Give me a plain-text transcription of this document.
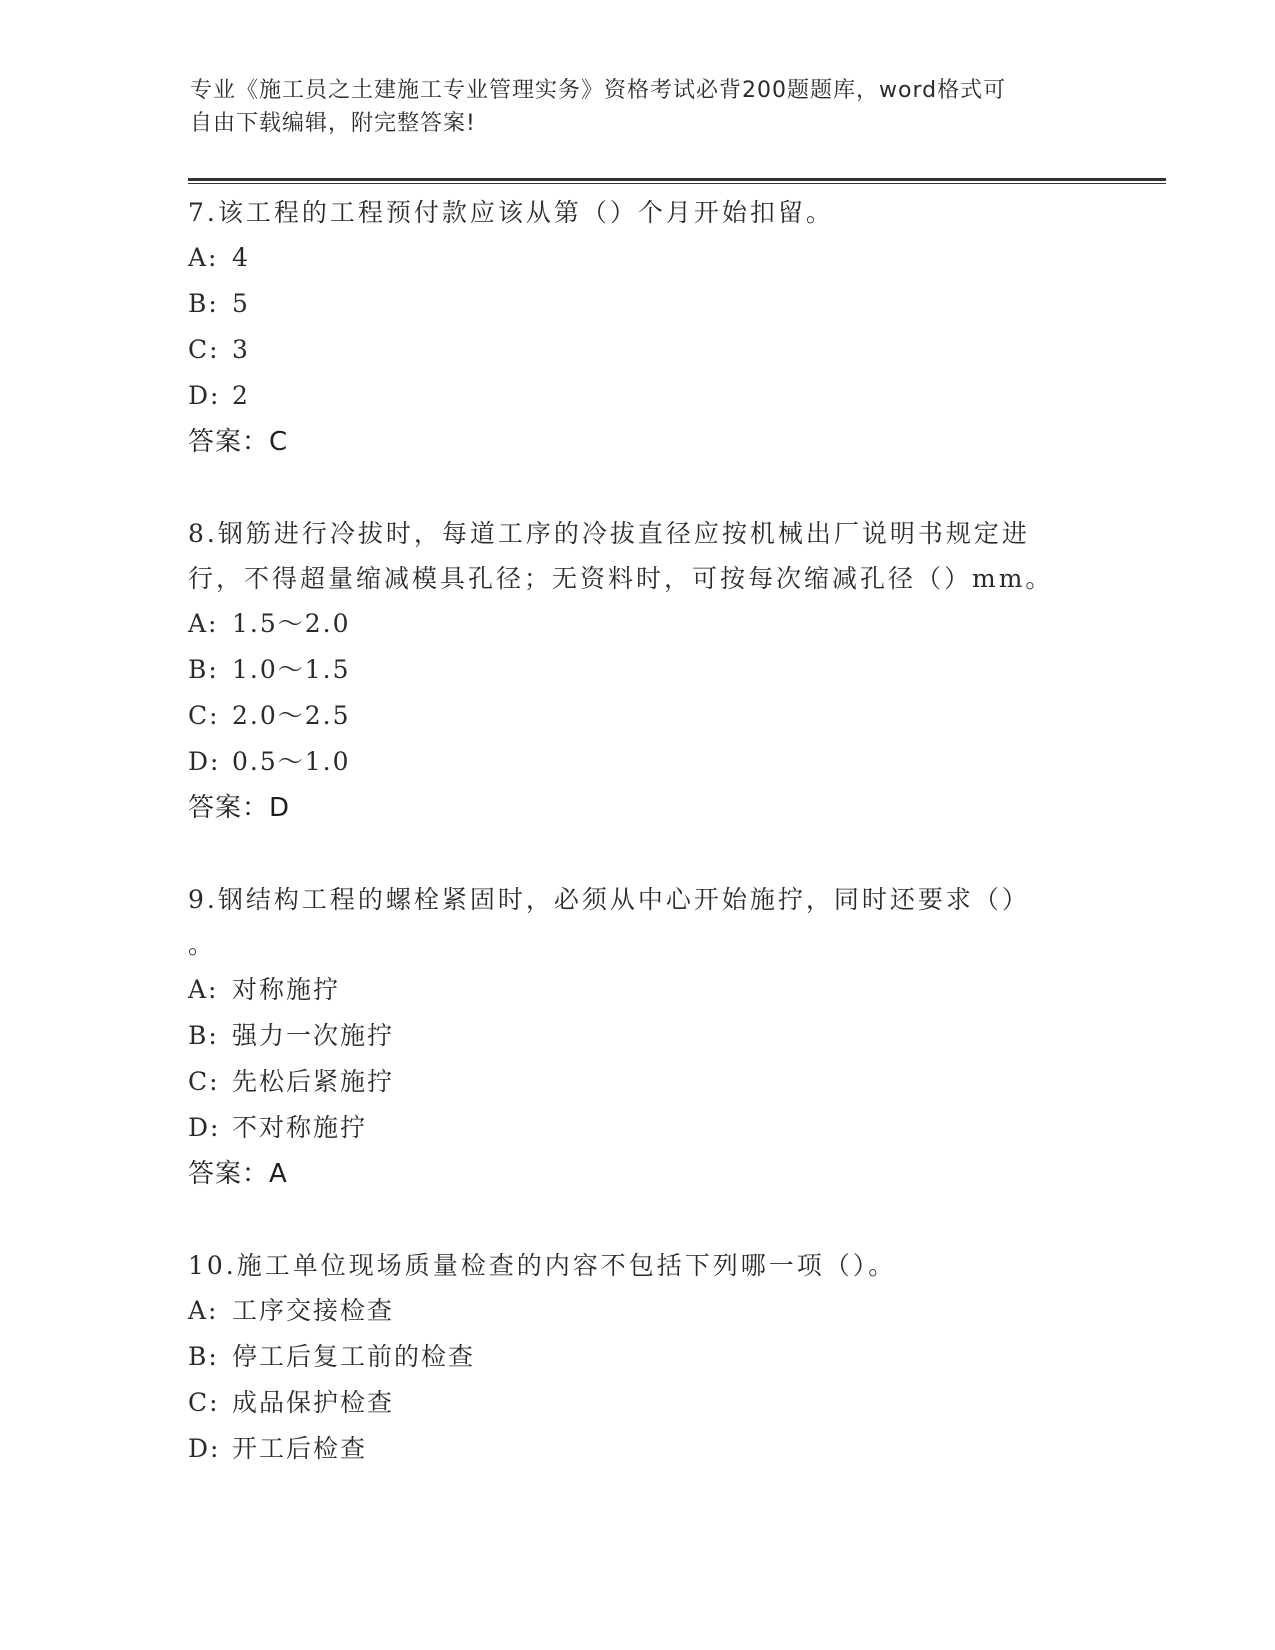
专业《施工员之土建施工专业管理实务》资格考试必背200题题库，word格式可
自由下载编辑，附完整答案!
7.该工程的工程预付款应该从第（）个月开始扣留。
A: 4
B: 5
C: 3
D: 2
答案：C
8.钢筋进行冷拔时，每道工序的冷拔直径应按机械出厂说明书规定进
行，不得超量缩减模具孔径；无资料时，可按每次缩减孔径（）mm。
A: 1.5～2.0
B: 1.0～1.5
C: 2.0～2.5
D: 0.5～1.0
答案：D
9.钢结构工程的螺栓紧固时，必须从中心开始施拧，同时还要求（）
。
A: 对称施拧
B: 强力一次施拧
C: 先松后紧施拧
D: 不对称施拧
答案：A
10.施工单位现场质量检查的内容不包括下列哪一项（）。
A: 工序交接检查
B: 停工后复工前的检查
C: 成品保护检查
D: 开工后检查
